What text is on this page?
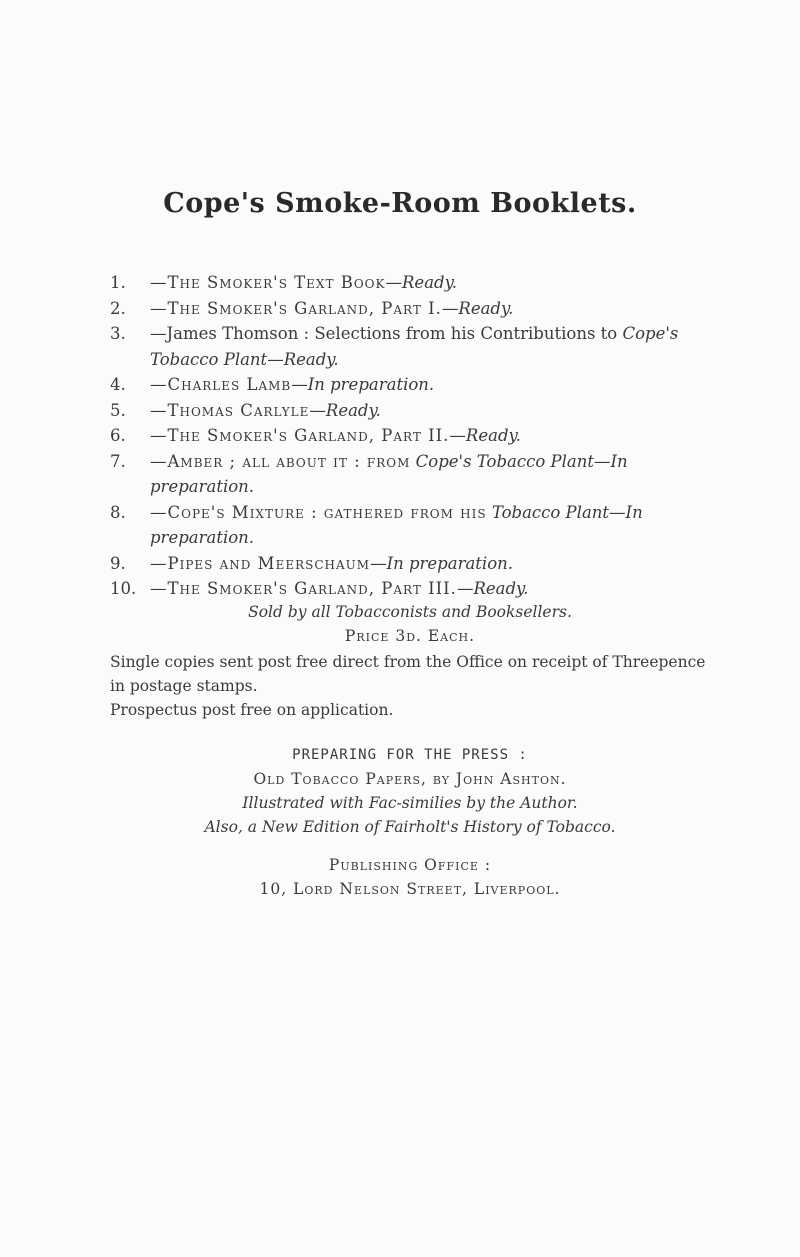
Cope's Smoke-Room Booklets.
1. —The Smoker's Text Book—Ready.
2. —The Smoker's Garland, Part I.—Ready.
3. —James Thomson : Selections from his Contributions to Cope's Tobacco Plant—Ready.
4. —Charles Lamb—In preparation.
5. —Thomas Carlyle—Ready.
6. —The Smoker's Garland, Part II.—Ready.
7. —Amber ; all about it : from Cope's Tobacco Plant—In preparation.
8. —Cope's Mixture : gathered from his Tobacco Plant—In preparation.
9. —Pipes and Meerschaum—In preparation.
10. —The Smoker's Garland, Part III.—Ready.
Sold by all Tobacconists and Booksellers.
Price 3d. Each.
Single copies sent post free direct from the Office on receipt of Threepence in postage stamps.
Prospectus post free on application.
PREPARING FOR THE PRESS :
Old Tobacco Papers, by John Ashton.
Illustrated with Fac-similies by the Author.
Also, a New Edition of Fairholt's History of Tobacco.
Publishing Office :
10, Lord Nelson Street, Liverpool.
